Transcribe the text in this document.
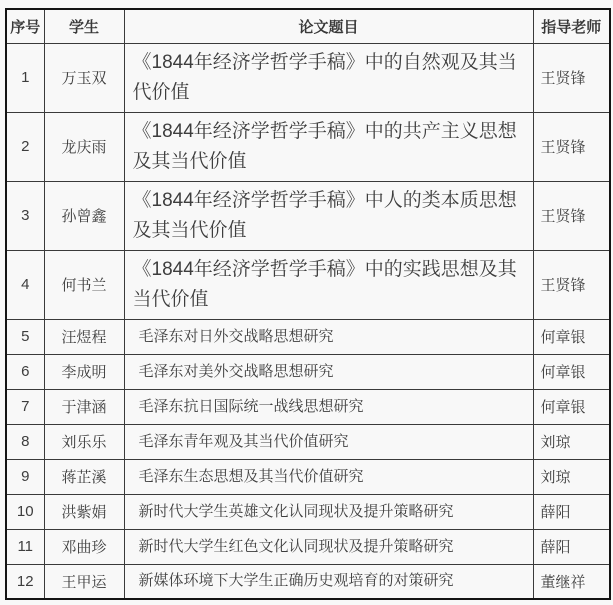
序号	学生	论文题目	指导老师
1	万玉双	《1844年经济学哲学手稿》中的自然观及其当代价值	王贤锋
2	龙庆雨	《1844年经济学哲学手稿》中的共产主义思想及其当代价值	王贤锋
3	孙曾鑫	《1844年经济学哲学手稿》中人的类本质思想及其当代价值	王贤锋
4	何书兰	《1844年经济学哲学手稿》中的实践思想及其当代价值	王贤锋
5	汪煜程	毛泽东对日外交战略思想研究	何章银
6	李成明	毛泽东对美外交战略思想研究	何章银
7	于津涵	毛泽东抗日国际统一战线思想研究	何章银
8	刘乐乐	毛泽东青年观及其当代价值研究	刘琼
9	蒋芷溪	毛泽东生态思想及其当代价值研究	刘琼
10	洪紫娟	新时代大学生英雄文化认同现状及提升策略研究	薛阳
11	邓曲珍	新时代大学生红色文化认同现状及提升策略研究	薛阳
12	王甲运	新媒体环境下大学生正确历史观培育的对策研究	董继祥
